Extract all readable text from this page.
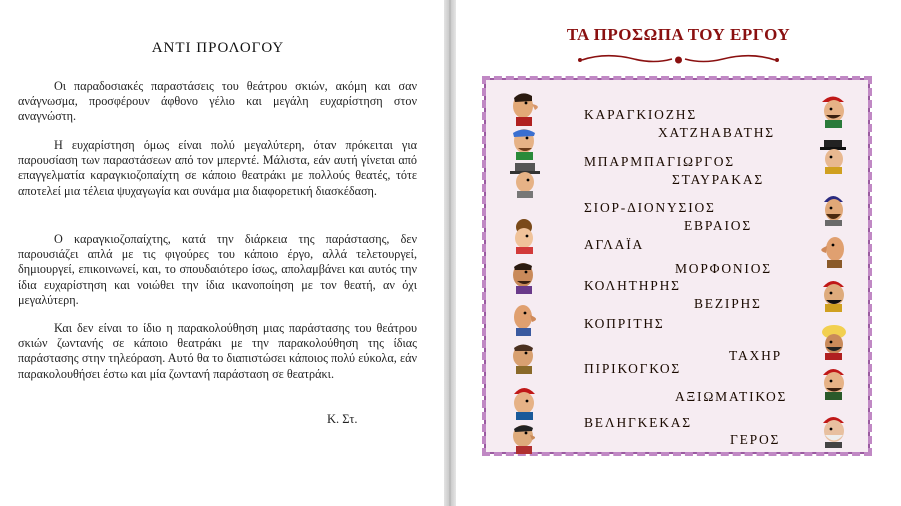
ΑΝΤΙ ΠΡΟΛΟΓΟΥ

Οι παραδοσιακές παραστάσεις του θεάτρου σκιών, ακόμη και σαν ανάγνωσμα, προσφέρουν άφθονο γέλιο και μεγάλη ευχαρίστηση στον αναγνώστη.

Η ευχαρίστηση όμως είναι πολύ μεγαλύτερη, όταν πρόκειται για παρουσίαση των παραστάσεων από τον μπερντέ. Μάλιστα, εάν αυτή γίνεται από επαγγελματία καραγκιοζοπαίχτη σε κάποιο θεατράκι με πολλούς θεατές, τότε αποτελεί μια τέλεια ψυχαγωγία και συνάμα μια διαφορετική διασκέδαση.

Ο καραγκιοζοπαίχτης, κατά την διάρκεια της παράστασης, δεν παρουσιάζει απλά με τις φιγούρες του κάποιο έργο, αλλά τελετουργεί, δημιουργεί, επικοινωνεί, και, το σπουδαιότερο ίσως, απολαμβάνει και αυτός την ίδια ευχαρίστηση και νοιώθει την ίδια ικανοποίηση με τον θεατή, αν όχι μεγαλύτερη.

Και δεν είναι το ίδιο η παρακολούθηση μιας παράστασης του θεάτρου σκιών ζωντανής σε κάποιο θεατράκι με την παρακολούθηση της ίδιας παράστασης στην τηλεόραση. Αυτό θα το διαπιστώσει κάποιος πολύ εύκολα, εάν παρακολουθήσει έστω και μία ζωντανή παράσταση σε θεατράκι.

Κ. Στ.
ΤΑ ΠΡΟΣΩΠΑ ΤΟΥ ΕΡΓΟΥ
ΚΑΡΑΓΚΙΟΖΗΣ
ΧΑΤΖΗΑΒΑΤΗΣ
ΜΠΑΡΜΠΑΓΙΩΡΓΟΣ
ΣΤΑΥΡΑΚΑΣ
ΣΙΟΡ-ΔΙΟΝΥΣΙΟΣ
ΕΒΡΑΙΟΣ
ΑΓΛΑΪΑ
ΜΟΡΦΟΝΙΟΣ
ΚΟΛΗΤΗΡΗΣ
ΒΕΖΙΡΗΣ
ΚΟΠΡΙΤΗΣ
ΤΑΧΗΡ
ΠΙΡΙΚΟΓΚΟΣ
ΑΞΙΩΜΑΤΙΚΟΣ
ΒΕΛΗΓΚΕΚΑΣ
ΓΕΡΟΣ
